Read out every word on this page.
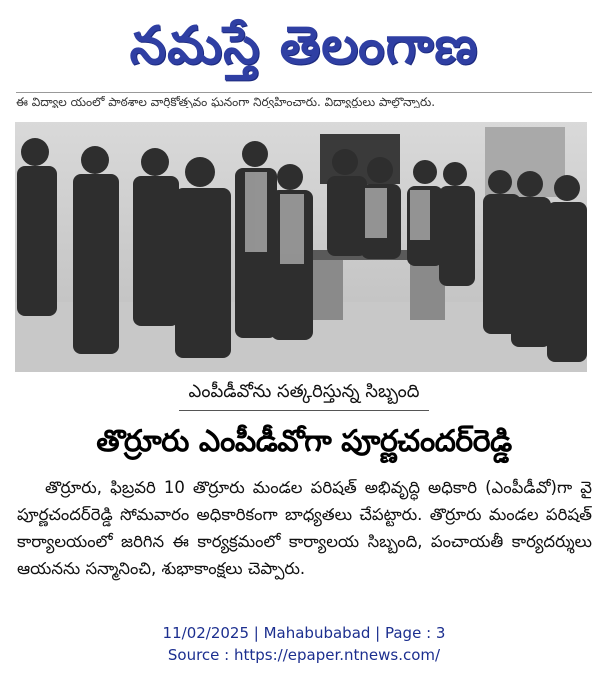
నమస్తే తెలంగాణ
ఈ విద్యాల యంలో పాఠశాల వార్షికోత్సవం ఘనంగా నిర్వహించారు. విద్యార్థులు పాల్గొన్నారు.
ఎంపీడీవోను సత్కరిస్తున్న సిబ్బంది
తొర్రూరు ఎంపీడీవోగా పూర్ణచందర్‌రెడ్డి

తొర్రూరు, ఫిబ్రవరి 10 తొర్రూరు మండల పరిషత్ అభివృద్ధి అధికారి (ఎంపీడీవో)గా వై పూర్ణచందర్‌రెడ్డి సోమవారం అధికారికంగా బాధ్యతలు చేపట్టారు. తొర్రూరు మండల పరిషత్ కార్యాలయంలో జరిగిన ఈ కార్యక్రమంలో కార్యాలయ సిబ్బంది, పంచాయతీ కార్యదర్శులు ఆయనను సన్మానించి, శుభాకాంక్షలు చెప్పారు.

11/02/2025 | Mahabubabad | Page : 3
Source : https://epaper.ntnews.com/
